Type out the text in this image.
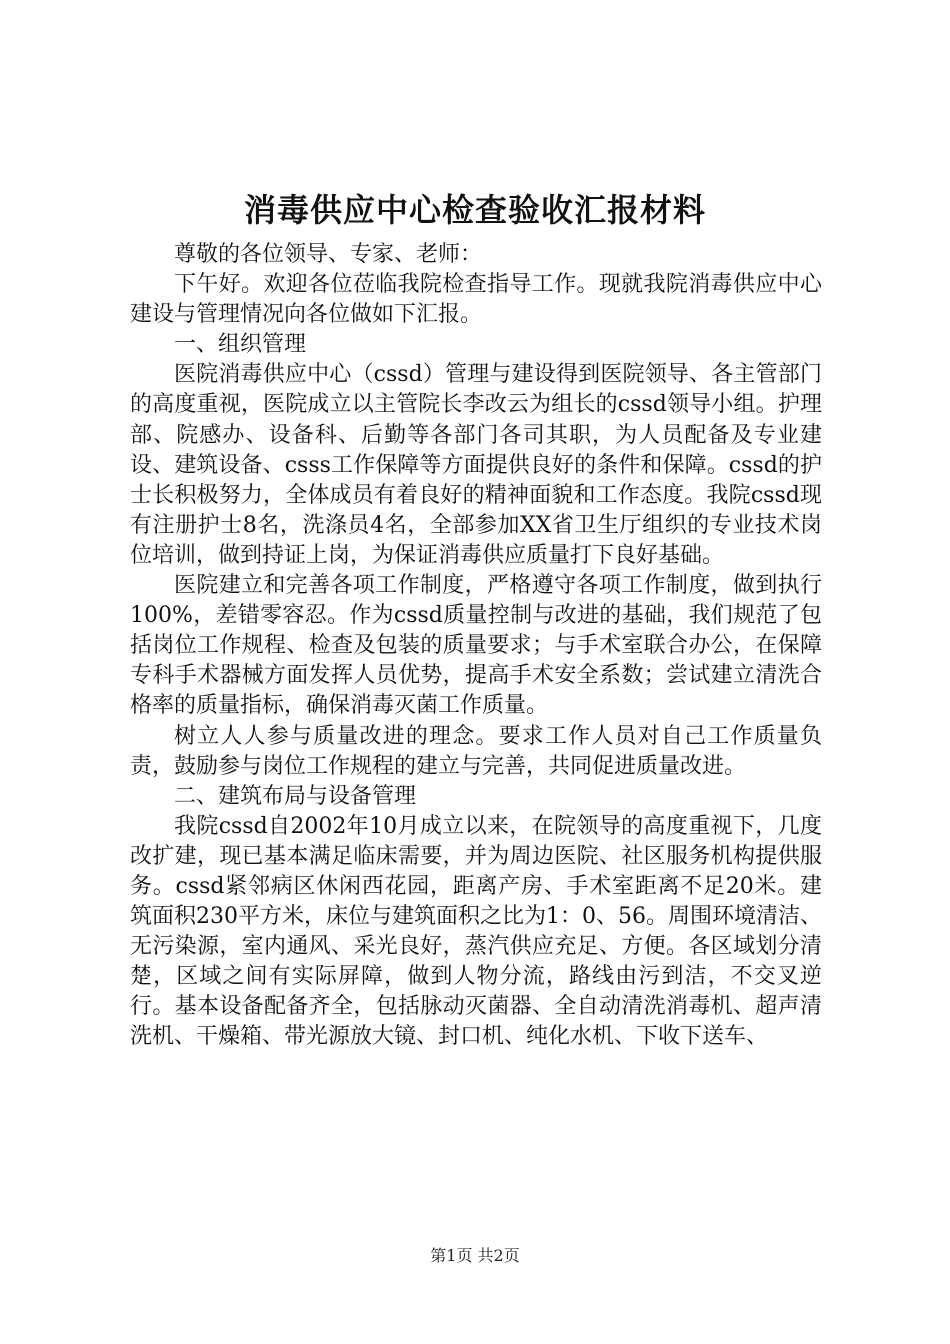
消毒供应中心检查验收汇报材料

尊敬的各位领导、专家、老师：

下午好。欢迎各位莅临我院检查指导工作。现就我院消毒供应中心建设与管理情况向各位做如下汇报。

一、组织管理

医院消毒供应中心（cssd）管理与建设得到医院领导、各主管部门的高度重视，医院成立以主管院长李改云为组长的cssd领导小组。护理部、院感办、设备科、后勤等各部门各司其职，为人员配备及专业建设、建筑设备、csss工作保障等方面提供良好的条件和保障。cssd的护士长积极努力，全体成员有着良好的精神面貌和工作态度。我院cssd现有注册护士8名，洗涤员4名，全部参加XX省卫生厅组织的专业技术岗位培训，做到持证上岗，为保证消毒供应质量打下良好基础。

医院建立和完善各项工作制度，严格遵守各项工作制度，做到执行100%，差错零容忍。作为cssd质量控制与改进的基础，我们规范了包括岗位工作规程、检查及包装的质量要求；与手术室联合办公，在保障专科手术器械方面发挥人员优势，提高手术安全系数；尝试建立清洗合格率的质量指标，确保消毒灭菌工作质量。

树立人人参与质量改进的理念。要求工作人员对自己工作质量负责，鼓励参与岗位工作规程的建立与完善，共同促进质量改进。

二、建筑布局与设备管理

我院cssd自2002年10月成立以来，在院领导的高度重视下，几度改扩建，现已基本满足临床需要，并为周边医院、社区服务机构提供服务。cssd紧邻病区休闲西花园，距离产房、手术室距离不足20米。建筑面积230平方米，床位与建筑面积之比为1：0、56。周围环境清洁、无污染源，室内通风、采光良好，蒸汽供应充足、方便。各区域划分清楚，区域之间有实际屏障，做到人物分流，路线由污到洁，不交叉逆行。基本设备配备齐全，包括脉动灭菌器、全自动清洗消毒机、超声清洗机、干燥箱、带光源放大镜、封口机、纯化水机、下收下送车、

第1页 共2页
